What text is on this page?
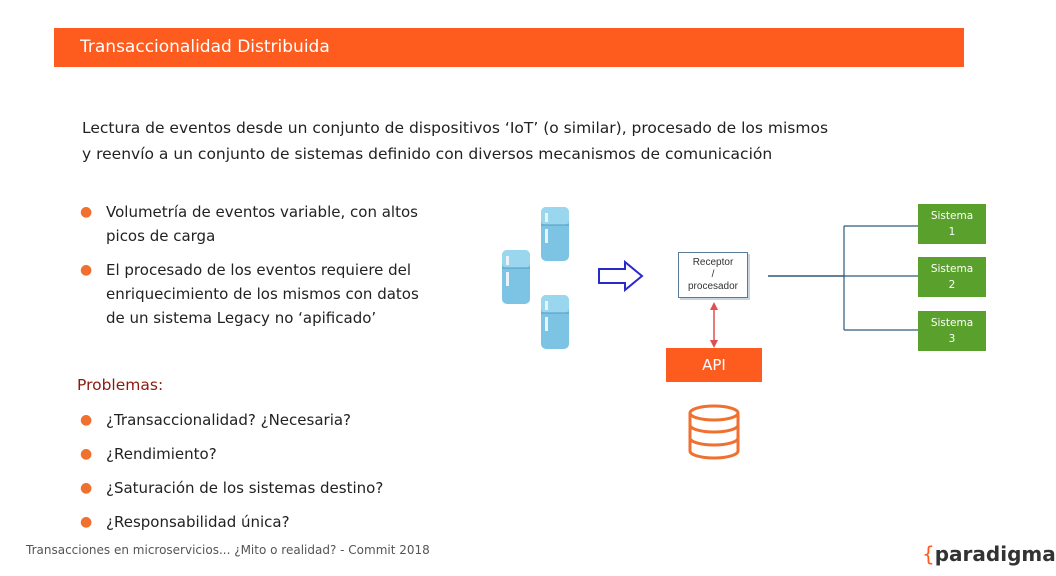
Transaccionalidad Distribuida
Lectura de eventos desde un conjunto de dispositivos ‘IoT’ (o similar), procesado de los mismos
y reenvío a un conjunto de sistemas definido con diversos mecanismos de comunicación
● Volumetría de eventos variable, con altos picos de carga
● El procesado de los eventos requiere del enriquecimiento de los mismos con datos de un sistema Legacy no ‘apificado’
Problemas:
● ¿Transaccionalidad? ¿Necesaria?
● ¿Rendimiento?
● ¿Saturación de los sistemas destino?
● ¿Responsabilidad única?
Receptor
/
procesador
API
Sistema
1
Sistema
2
Sistema
3
Transacciones en microservicios... ¿Mito o realidad? - Commit 2018	{paradigma
